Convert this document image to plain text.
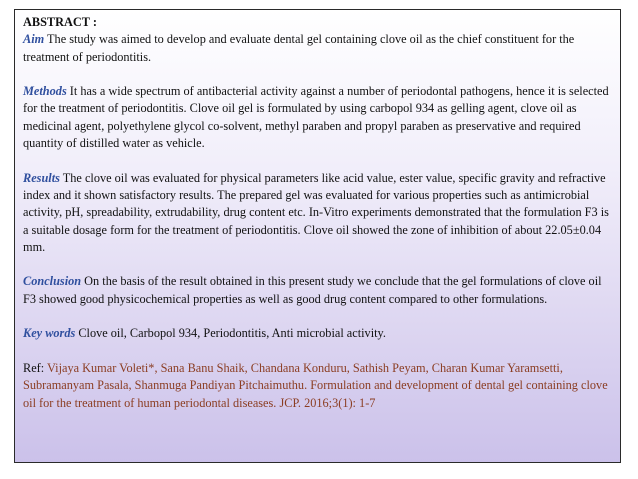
ABSTRACT :

Aim The study was aimed to develop and evaluate dental gel containing clove oil as the chief constituent for the treatment of periodontitis.

Methods It has a wide spectrum of antibacterial activity against a number of periodontal pathogens, hence it is selected for the treatment of periodontitis. Clove oil gel is formulated by using carbopol 934 as gelling agent, clove oil as medicinal agent, polyethylene glycol co-solvent, methyl paraben and propyl paraben as preservative and required quantity of distilled water as vehicle.

Results The clove oil was evaluated for physical parameters like acid value, ester value, specific gravity and refractive index and it shown satisfactory results. The prepared gel was evaluated for various properties such as antimicrobial activity, pH, spreadability, extrudability, drug content etc. In-Vitro experiments demonstrated that the formulation F3 is a suitable dosage form for the treatment of periodontitis. Clove oil showed the zone of inhibition of about 22.05±0.04 mm.

Conclusion On the basis of the result obtained in this present study we conclude that the gel formulations of clove oil F3 showed good physicochemical properties as well as good drug content compared to other formulations.

Key words Clove oil, Carbopol 934, Periodontitis, Anti microbial activity.

Ref: Vijaya Kumar Voleti*, Sana Banu Shaik, Chandana Konduru, Sathish Peyam, Charan Kumar Yaramsetti, Subramanyam Pasala, Shanmuga Pandiyan Pitchaimuthu. Formulation and development of dental gel containing clove oil for the treatment of human periodontal diseases. JCP. 2016;3(1): 1-7
